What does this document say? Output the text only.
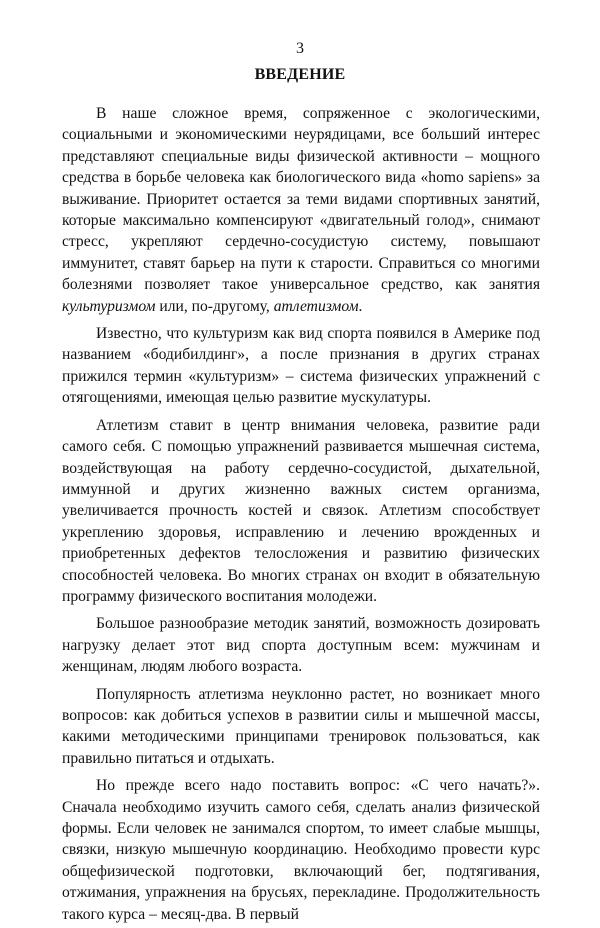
3
ВВЕДЕНИЕ

В наше сложное время, сопряженное с экологическими, социальными и экономическими неурядицами, все больший интерес представляют специальные виды физической активности – мощного средства в борьбе человека как биологического вида «homo sapiens» за выживание. Приоритет остается за теми видами спортивных занятий, которые максимально компенсируют «двигательный голод», снимают стресс, укрепляют сердечно-сосудистую систему, повышают иммунитет, ставят барьер на пути к старости. Справиться со многими болезнями позволяет такое универсальное средство, как занятия культуризмом или, по-другому, атлетизмом.

Известно, что культуризм как вид спорта появился в Америке под названием «бодибилдинг», а после признания в других странах прижился термин «культуризм» – система физических упражнений с отягощениями, имеющая целью развитие мускулатуры.

Атлетизм ставит в центр внимания человека, развитие ради самого себя. С помощью упражнений развивается мышечная система, воздействующая на работу сердечно-сосудистой, дыхательной, иммунной и других жизненно важных систем организма, увеличивается прочность костей и связок. Атлетизм способствует укреплению здоровья, исправлению и лечению врожденных и приобретенных дефектов телосложения и развитию физических способностей человека. Во многих странах он входит в обязательную программу физического воспитания молодежи.

Большое разнообразие методик занятий, возможность дозировать нагрузку делает этот вид спорта доступным всем: мужчинам и женщинам, людям любого возраста.

Популярность атлетизма неуклонно растет, но возникает много вопросов: как добиться успехов в развитии силы и мышечной массы, какими методическими принципами тренировок пользоваться, как правильно питаться и отдыхать.

Но прежде всего надо поставить вопрос: «С чего начать?». Сначала необходимо изучить самого себя, сделать анализ физической формы. Если человек не занимался спортом, то имеет слабые мышцы, связки, низкую мышечную координацию. Необходимо провести курс общефизической подготовки, включающий бег, подтягивания, отжимания, упражнения на брусьях, перекладине. Продолжительность такого курса – месяц-два. В первый
